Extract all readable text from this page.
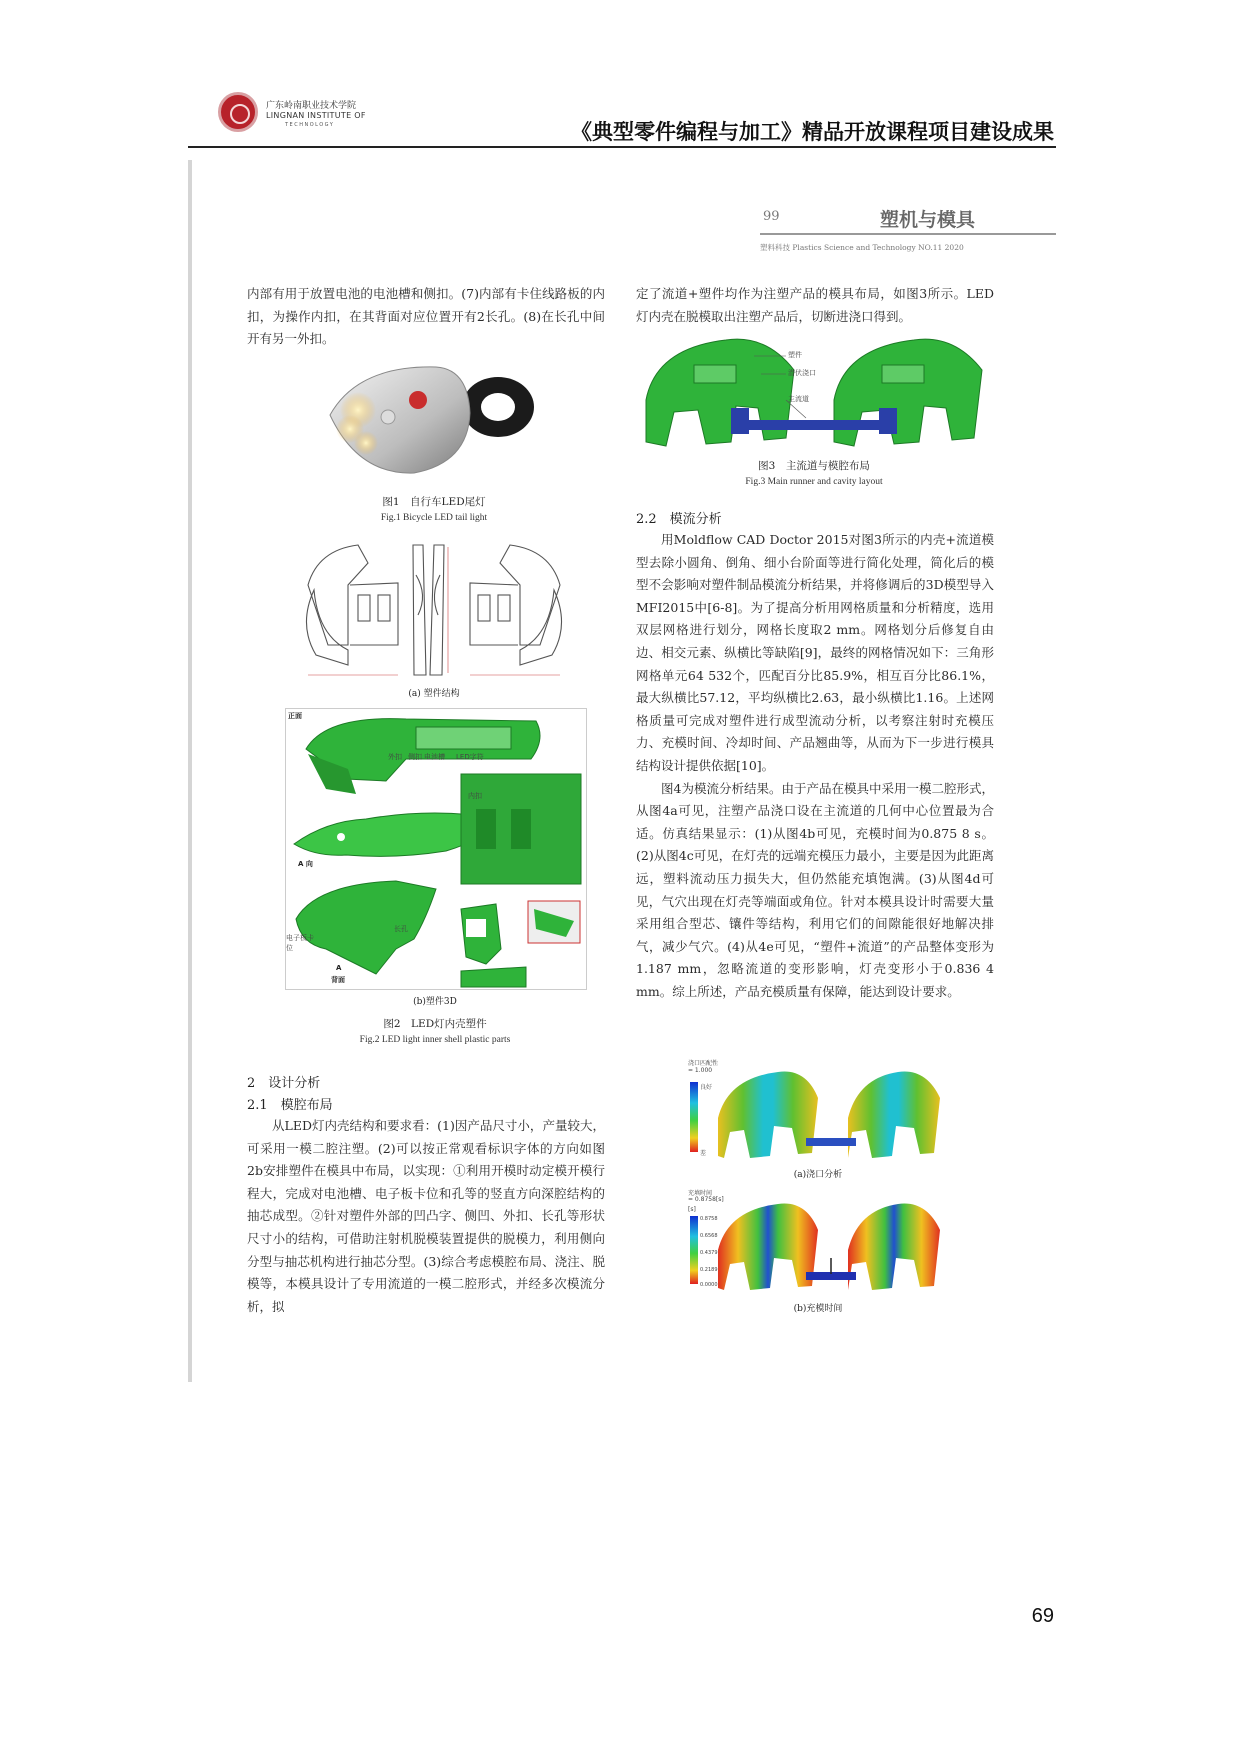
广东岭南职业技术学院
LINGNAN INSTITUTE OF
TECHNOLOGY	《典型零件编程与加工》精品开放课程项目建设成果
99	塑机与模具
塑料科技 Plastics Science and Technology NO.11 2020

内部有用于放置电池的电池槽和侧扣。(7)内部有卡住线路板的内扣，为操作内扣，在其背面对应位置开有2长孔。(8)在长孔中间开有另一外扣。

图1　自行车LED尾灯
Fig.1 Bicycle LED tail light
(a) 塑件结构
正面
A 向
电池槽 LED字符
外扣 侧扣
内扣
长孔
电子板卡位
A
背面
(b)塑件3D
图2　LED灯内壳塑件
Fig.2 LED light inner shell plastic parts
2　设计分析
2.1　模腔布局

从LED灯内壳结构和要求看：(1)因产品尺寸小，产量较大，可采用一模二腔注塑。(2)可以按正常观看标识字体的方向如图2b安排塑件在模具中布局，以实现：①利用开模时动定模开模行程大，完成对电池槽、电子板卡位和孔等的竖直方向深腔结构的抽芯成型。②针对塑件外部的凹凸字、侧凹、外扣、长孔等形状尺寸小的结构，可借助注射机脱模装置提供的脱模力，利用侧向分型与抽芯机构进行抽芯分型。(3)综合考虑模腔布局、浇注、脱模等，本模具设计了专用流道的一模二腔形式，并经多次模流分析，拟

定了流道+塑件均作为注塑产品的模具布局，如图3所示。LED灯内壳在脱模取出注塑产品后，切断进浇口得到。

塑件
潜伏浇口
主流道
图3　主流道与模腔布局
Fig.3 Main runner and cavity layout
2.2　模流分析

用Moldflow CAD Doctor 2015对图3所示的内壳+流道模型去除小圆角、倒角、细小台阶面等进行简化处理，简化后的模型不会影响对塑件制品模流分析结果，并将修调后的3D模型导入MFI2015中[6-8]。为了提高分析用网格质量和分析精度，选用双层网格进行划分，网格长度取2 mm。网格划分后修复自由边、相交元素、纵横比等缺陷[9]，最终的网格情况如下：三角形网格单元64 532个，匹配百分比85.9%，相互百分比86.1%，最大纵横比57.12，平均纵横比2.63，最小纵横比1.16。上述网格质量可完成对塑件进行成型流动分析，以考察注射时充模压力、充模时间、冷却时间、产品翘曲等，从而为下一步进行模具结构设计提供依据[10]。

图4为模流分析结果。由于产品在模具中采用一模二腔形式，从图4a可见，注塑产品浇口设在主流道的几何中心位置最为合适。仿真结果显示：(1)从图4b可见，充模时间为0.875 8 s。(2)从图4c可见，在灯壳的远端充模压力最小，主要是因为此距离远，塑料流动压力损失大，但仍然能充填饱满。(3)从图4d可见，气穴出现在灯壳等端面或角位。针对本模具设计时需要大量采用组合型芯、镶件等结构，利用它们的间隙能很好地解决排气，减少气穴。(4)从4e可见，“塑件+流道”的产品整体变形为1.187 mm，忽略流道的变形影响，灯壳变形小于0.836 4 mm。综上所述，产品充模质量有保障，能达到设计要求。

浇口匹配性
= 1.000
良好
差
(a)浇口分析
充填时间
= 0.8758[s]
[s]
0.8758
0.6568
0.4379
0.2189
0.0000
(b)充模时间
69
